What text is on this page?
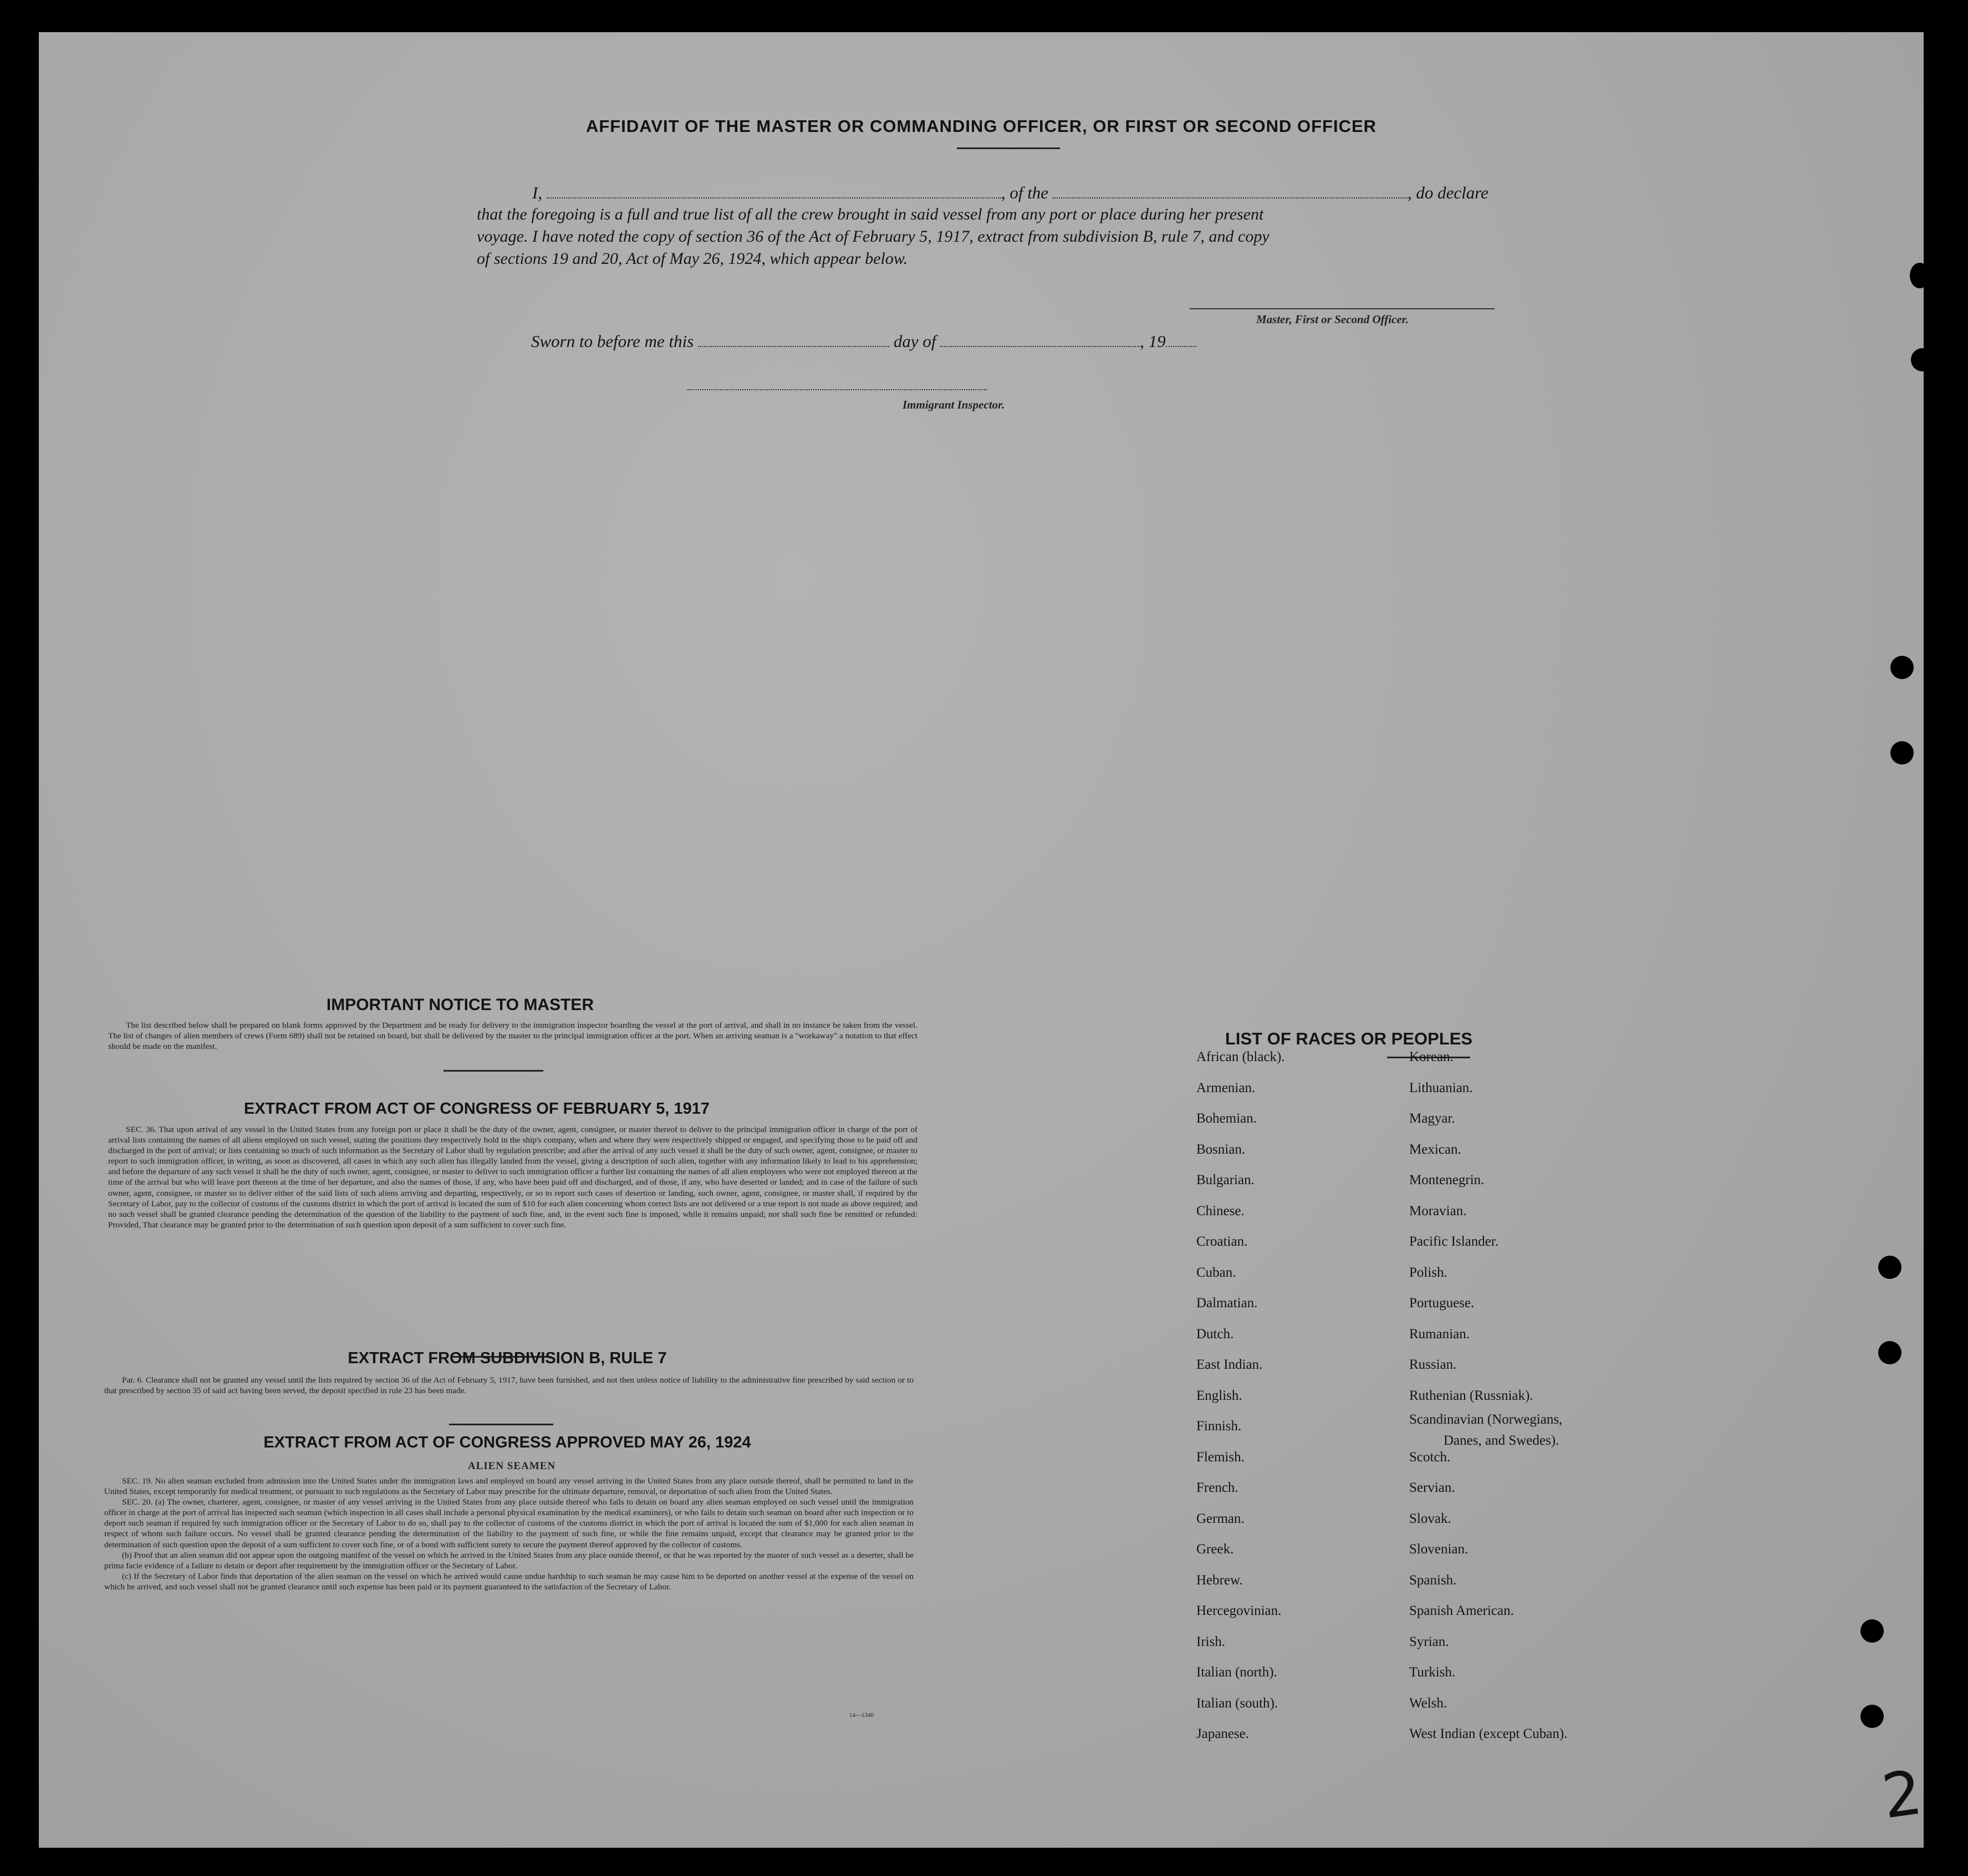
AFFIDAVIT OF THE MASTER OR COMMANDING OFFICER, OR FIRST OR SECOND OFFICER
I,	, of the	, do declare
that the foregoing is a full and true list of all the crew brought in said vessel from any port or place during her present
voyage. I have noted the copy of section 36 of the Act of February 5, 1917, extract from subdivision B, rule 7, and copy
of sections 19 and 20, Act of May 26, 1924, which appear below.
Master, First or Second Officer.
Sworn to before me this	day of	, 19
Immigrant Inspector.
IMPORTANT NOTICE TO MASTER

The list described below shall be prepared on blank forms approved by the Department and be ready for delivery to the immigration inspector boarding the vessel at the port of arrival, and shall in no instance be taken from the vessel. The list of changes of alien members of crews (Form 689) shall not be retained on board, but shall be delivered by the master to the principal immigration officer at the port. When an arriving seaman is a "workaway" a notation to that effect should be made on the manifest.

EXTRACT FROM ACT OF CONGRESS OF FEBRUARY 5, 1917

SEC. 36. That upon arrival of any vessel in the United States from any foreign port or place it shall be the duty of the owner, agent, consignee, or master thereof to deliver to the principal immigration officer in charge of the port of arrival lists containing the names of all aliens employed on such vessel, stating the positions they respectively hold in the ship's company, when and where they were respectively shipped or engaged, and specifying those to be paid off and discharged in the port of arrival; or lists containing so much of such information as the Secretary of Labor shall by regulation prescribe; and after the arrival of any such vessel it shall be the duty of such owner, agent, consignee, or master to report to such immigration officer, in writing, as soon as discovered, all cases in which any such alien has illegally landed from the vessel, giving a description of such alien, together with any information likely to lead to his apprehension; and before the departure of any such vessel it shall be the duty of such owner, agent, consignee, or master to deliver to such immigration officer a further list containing the names of all alien employees who were not employed thereon at the time of the arrival but who will leave port thereon at the time of her departure, and also the names of those, if any, who have been paid off and discharged, and of those, if any, who have deserted or landed; and in case of the failure of such owner, agent, consignee, or master so to deliver either of the said lists of such aliens arriving and departing, respectively, or so to report such cases of desertion or landing, such owner, agent, consignee, or master shall, if required by the Secretary of Labor, pay to the collector of customs of the customs district in which the port of arrival is located the sum of $10 for each alien concerning whom correct lists are not delivered or a true report is not made as above required; and no such vessel shall be granted clearance pending the determination of the question of the liability to the payment of such fine, and, in the event such fine is imposed, while it remains unpaid; nor shall such fine be remitted or refunded: Provided, That clearance may be granted prior to the determination of such question upon deposit of a sum sufficient to cover such fine.

EXTRACT FROM SUBDIVISION B, RULE 7

Par. 6. Clearance shall not be granted any vessel until the lists required by section 36 of the Act of February 5, 1917, have been furnished, and not then unless notice of liability to the administrative fine prescribed by said section or to that prescribed by section 35 of said act having been served, the deposit specified in rule 23 has been made.

EXTRACT FROM ACT OF CONGRESS APPROVED MAY 26, 1924
ALIEN SEAMEN

SEC. 19. No alien seaman excluded from admission into the United States under the immigration laws and employed on board any vessel arriving in the United States from any place outside thereof, shall be permitted to land in the United States, except temporarily for medical treatment, or pursuant to such regulations as the Secretary of Labor may prescribe for the ultimate departure, removal, or deportation of such alien from the United States.

SEC. 20. (a) The owner, charterer, agent, consignee, or master of any vessel arriving in the United States from any place outside thereof who fails to detain on board any alien seaman employed on such vessel until the immigration officer in charge at the port of arrival has inspected such seaman (which inspection in all cases shall include a personal physical examination by the medical examiners), or who fails to detain such seaman on board after such inspection or to deport such seaman if required by such immigration officer or the Secretary of Labor to do so, shall pay to the collector of customs of the customs district in which the port of arrival is located the sum of $1,000 for each alien seaman in respect of whom such failure occurs. No vessel shall be granted clearance pending the determination of the liability to the payment of such fine, or while the fine remains unpaid, except that clearance may be granted prior to the determination of such question upon the deposit of a sum sufficient to cover such fine, or of a bond with sufficient surety to secure the payment thereof approved by the collector of customs.

(b) Proof that an alien seaman did not appear upon the outgoing manifest of the vessel on which he arrived in the United States from any place outside thereof, or that he was reported by the master of such vessel as a deserter, shall be prima facie evidence of a failure to detain or deport after requirement by the immigration officer or the Secretary of Labor.

(c) If the Secretary of Labor finds that deportation of the alien seaman on the vessel on which he arrived would cause undue hardship to such seaman he may cause him to be deported on another vessel at the expense of the vessel on which he arrived, and such vessel shall not be granted clearance until such expense has been paid or its payment guaranteed to the satisfaction of the Secretary of Labor.

14—1340
LIST OF RACES OR PEOPLES
African (black).
Armenian.
Bohemian.
Bosnian.
Bulgarian.
Chinese.
Croatian.
Cuban.
Dalmatian.
Dutch.
East Indian.
English.
Finnish.
Flemish.
French.
German.
Greek.
Hebrew.
Hercegovinian.
Irish.
Italian (north).
Italian (south).
Japanese.
Korean.
Lithuanian.
Magyar.
Mexican.
Montenegrin.
Moravian.
Pacific Islander.
Polish.
Portuguese.
Rumanian.
Russian.
Ruthenian (Russniak).
Scandinavian (Norwegians,
Danes, and Swedes).
Scotch.
Servian.
Slovak.
Slovenian.
Spanish.
Spanish American.
Syrian.
Turkish.
Welsh.
West Indian (except Cuban).
2
